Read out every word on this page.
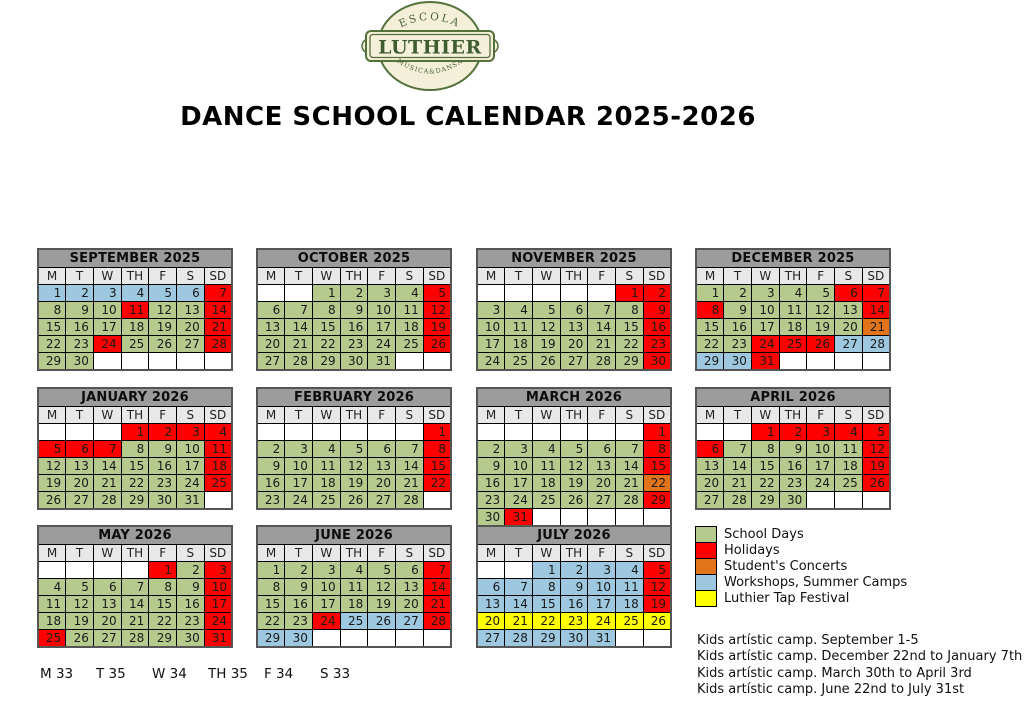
ESCOLA
LUTHIER
MUSICA&DANSA
DANCE SCHOOL CALENDAR 2025-2026
SEPTEMBER 2025						
M	T	W	TH	F	S	SD
1	2	3	4	5	6	7
8	9	10	11	12	13	14
15	16	17	18	19	20	21
22	23	24	25	26	27	28
29	30					
OCTOBER 2025						
M	T	W	TH	F	S	SD
		1	2	3	4	5
6	7	8	9	10	11	12
13	14	15	16	17	18	19
20	21	22	23	24	25	26
27	28	29	30	31		
NOVEMBER 2025						
M	T	W	TH	F	S	SD
					1	2
3	4	5	6	7	8	9
10	11	12	13	14	15	16
17	18	19	20	21	22	23
24	25	26	27	28	29	30
DECEMBER 2025						
M	T	W	TH	F	S	SD
1	2	3	4	5	6	7
8	9	10	11	12	13	14
15	16	17	18	19	20	21
22	23	24	25	26	27	28
29	30	31				
JANUARY 2026						
M	T	W	TH	F	S	SD
			1	2	3	4
5	6	7	8	9	10	11
12	13	14	15	16	17	18
19	20	21	22	23	24	25
26	27	28	29	30	31	
FEBRUARY 2026						
M	T	W	TH	F	S	SD
						1
2	3	4	5	6	7	8
9	10	11	12	13	14	15
16	17	18	19	20	21	22
23	24	25	26	27	28	
MARCH 2026						
M	T	W	TH	F	S	SD
						1
2	3	4	5	6	7	8
9	10	11	12	13	14	15
16	17	18	19	20	21	22
23	24	25	26	27	28	29
30	31					
APRIL 2026						
M	T	W	TH	F	S	SD
		1	2	3	4	5
6	7	8	9	10	11	12
13	14	15	16	17	18	19
20	21	22	23	24	25	26
27	28	29	30			
MAY 2026						
M	T	W	TH	F	S	SD
				1	2	3
4	5	6	7	8	9	10
11	12	13	14	15	16	17
18	19	20	21	22	23	24
25	26	27	28	29	30	31
JUNE 2026						
M	T	W	TH	F	S	SD
1	2	3	4	5	6	7
8	9	10	11	12	13	14
15	16	17	18	19	20	21
22	23	24	25	26	27	28
29	30					
JULY 2026						
M	T	W	TH	F	S	SD
		1	2	3	4	5
6	7	8	9	10	11	12
13	14	15	16	17	18	19
20	21	22	23	24	25	26
27	28	29	30	31		
School Days
Holidays
Student's Concerts
Workshops, Summer Camps
Luthier Tap Festival
Kids artístic camp. September 1-5
Kids artístic camp. December 22nd to January 7th
Kids artístic camp. March 30th to April 3rd
Kids artístic camp. June 22nd to July 31st
M 33 T 35 W 34 TH 35 F 34 S 33
